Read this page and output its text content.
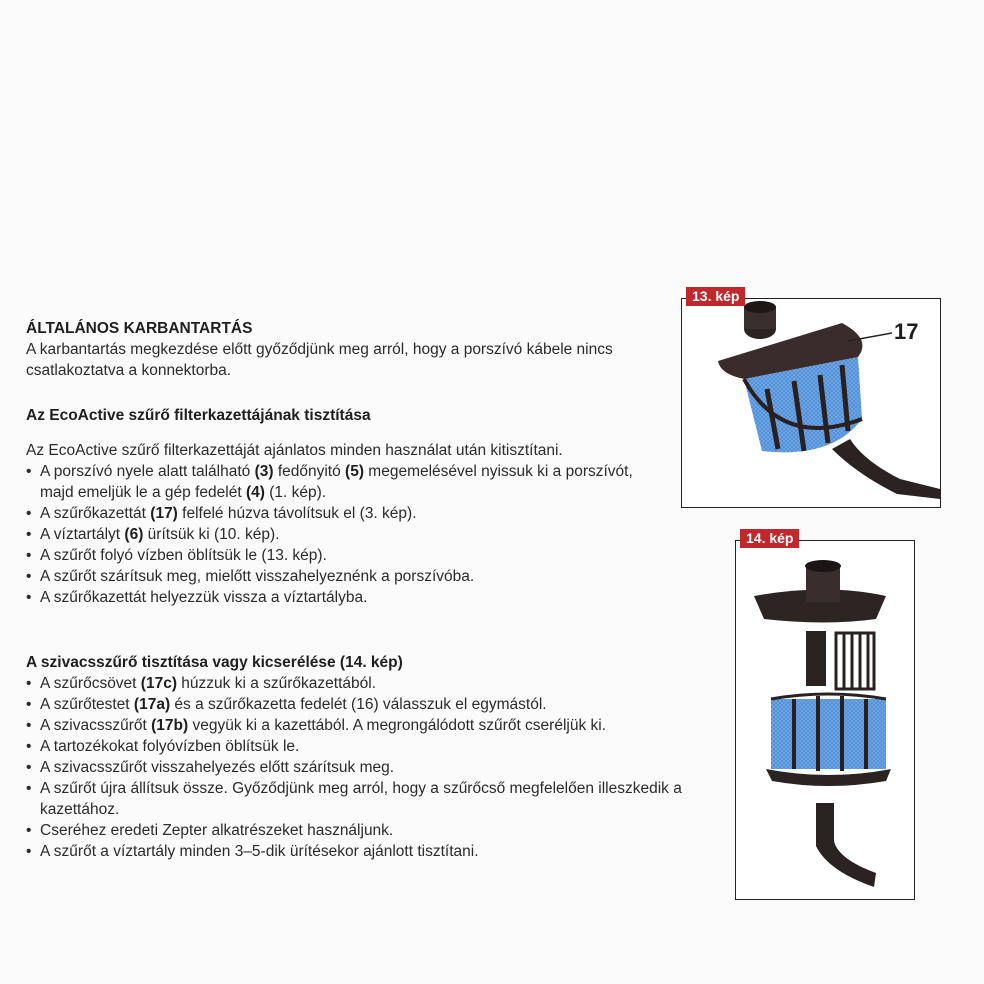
ÁLTALÁNOS KARBANTARTÁS

A karbantartás megkezdése előtt győződjünk meg arról, hogy a porszívó kábele nincs csatlakoztatva a konnektorba.

Az EcoActive szűrő filterkazettájának tisztítása

Az EcoActive szűrő filterkazettáját ajánlatos minden használat után kitisztítani.

• A porszívó nyele alatt található (3) fedőnyitó (5) megemelésével nyissuk ki a porszívót, majd emeljük le a gép fedelét (4) (1. kép).
• A szűrőkazettát (17) felfelé húzva távolítsuk el (3. kép).
• A víztartályt (6) ürítsük ki (10. kép).
• A szűrőt folyó vízben öblítsük le (13. kép).
• A szűrőt szárítsuk meg, mielőtt visszahelyeznénk a porszívóba.
• A szűrőkazettát helyezzük vissza a víztartályba.
A szivacsszűrő tisztítása vagy kicserélése (14. kép)
• A szűrőcsövet (17c) húzzuk ki a szűrőkazettából.
• A szűrőtestet (17a) és a szűrőkazetta fedelét (16) válasszuk el egymástól.
• A szivacsszűrőt (17b) vegyük ki a kazettából. A megrongálódott szűrőt cseréljük ki.
• A tartozékokat folyóvízben öblítsük le.
• A szivacsszűrőt visszahelyezés előtt szárítsuk meg.
• A szűrőt újra állítsuk össze. Győződjünk meg arról, hogy a szűrőcső megfelelően illeszkedik a kazettához.
• Cseréhez eredeti Zepter alkatrészeket használjunk.
• A szűrőt a víztartály minden 3–5-dik ürítésekor ajánlott tisztítani.
13. kép
17
14. kép
